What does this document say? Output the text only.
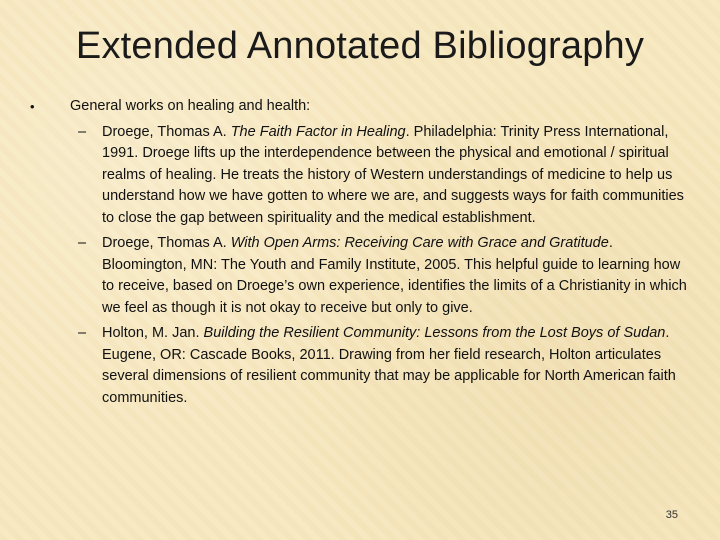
Extended Annotated Bibliography
•	General works on healing and health:
– Droege, Thomas A. The Faith Factor in Healing. Philadelphia: Trinity Press International, 1991. Droege lifts up the interdependence between the physical and emotional / spiritual realms of healing. He treats the history of Western understandings of medicine to help us understand how we have gotten to where we are, and suggests ways for faith communities to close the gap between spirituality and the medical establishment.
– Droege, Thomas A. With Open Arms: Receiving Care with Grace and Gratitude. Bloomington, MN: The Youth and Family Institute, 2005. This helpful guide to learning how to receive, based on Droege’s own experience, identifies the limits of a Christianity in which we feel as though it is not okay to receive but only to give.
– Holton, M. Jan. Building the Resilient Community: Lessons from the Lost Boys of Sudan. Eugene, OR: Cascade Books, 2011. Drawing from her field research, Holton articulates several dimensions of resilient community that may be applicable for North American faith communities.
35
